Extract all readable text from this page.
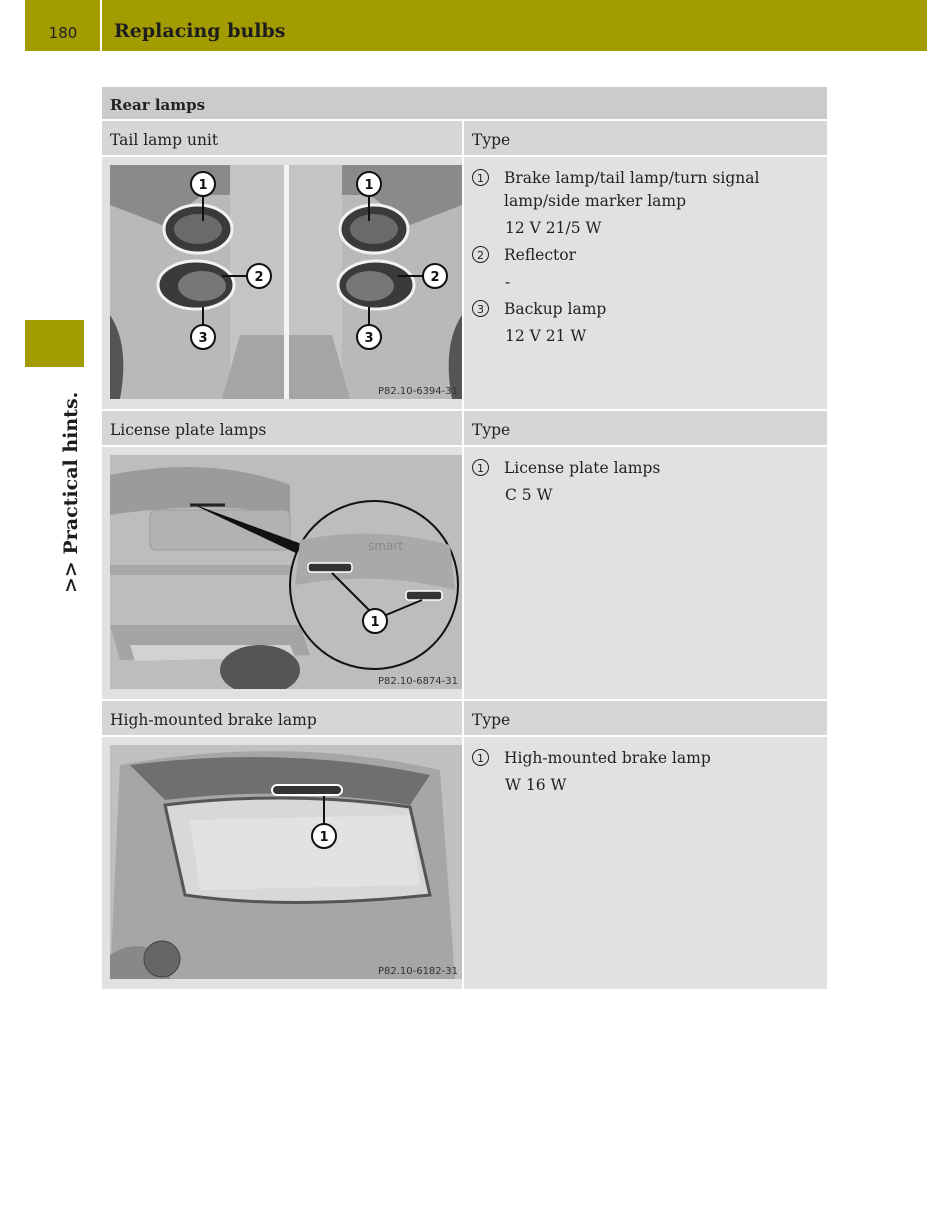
180	Replacing bulbs
>> Practical hints.
Rear lamps
Tail lamp unit	Type
1	1
2	2
3	3
P82.10-6394-31
1	Brake lamp/tail lamp/turn signal lamp/side marker lamp
12 V 21/5 W
2	Reflector
-
3	Backup lamp
12 V 21 W
License plate lamps	Type
smart
1
P82.10-6874-31
1	License plate lamps
C 5 W
High-mounted brake lamp	Type
1
P82.10-6182-31
1	High-mounted brake lamp
W 16 W
